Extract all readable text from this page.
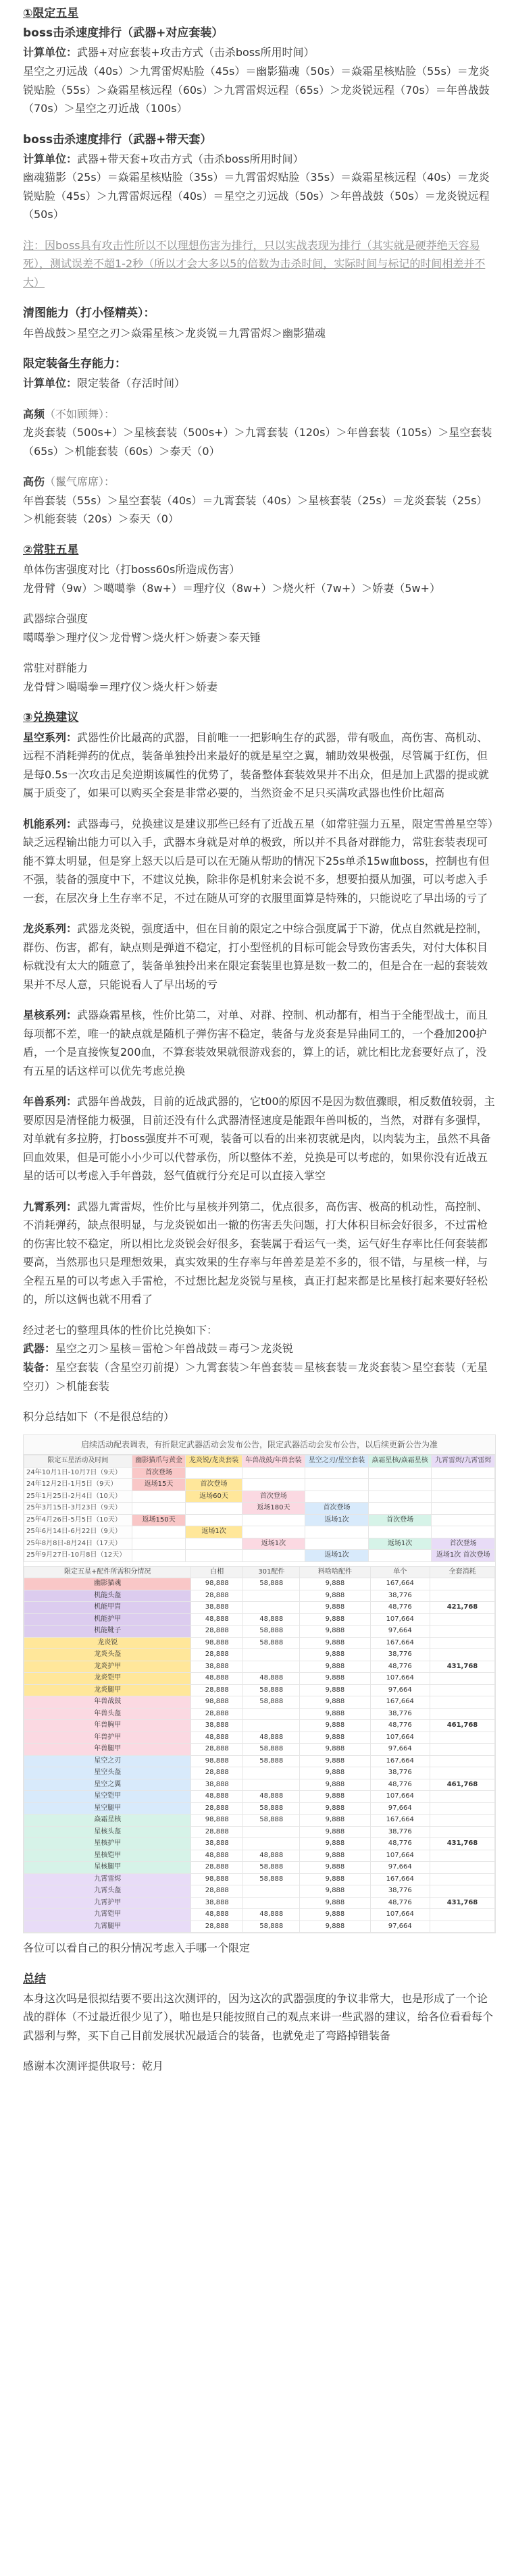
①限定五星

boss击杀速度排行（武器+对应套装）

计算单位：武器+对应套装+攻击方式（击杀boss所用时间）

星空之刃远战（40s）＞九霄雷烬贴脸（45s）＝幽影猫魂（50s）＝焱霜星核贴脸（55s）＝龙炎锐贴脸（55s）＞焱霜星核远程（60s）＞九霄雷烬远程（65s）＞龙炎锐远程（70s）＝年兽战鼓（70s）＞星空之刃近战（100s）

boss击杀速度排行（武器+带天套）

计算单位：武器+带天套+攻击方式（击杀boss所用时间）

幽魂猫影（25s）＝焱霜星核贴脸（35s）＝九霄雷烬贴脸（35s）＝焱霜星核远程（40s）＝龙炎锐贴脸（45s）＞九霄雷烬远程（40s）＝星空之刃远战（50s）＞年兽战鼓（50s）＝龙炎锐远程（50s）

注：因boss具有攻击性所以不以理想伤害为排行，只以实战表现为排行（其实就是硬莽绝天容易死），测试误差不超1-2秒（所以才会大多以5的倍数为击杀时间，实际时间与标记的时间相差并不大）

清图能力（打小怪精英）：

年兽战鼓＞星空之刃＞焱霜星核＞龙炎锐＝九霄雷烬＞幽影猫魂

限定装备生存能力：

计算单位：限定装备（存活时间）

高频（不如顾舞）：

龙炎套装（500s+）＞星核套装（500s+）＞九霄套装（120s）＞年兽套装（105s）＞星空套装（65s）＞机能套装（60s）＞泰天（0）

高伤（鬣气席席）：

年兽套装（55s）＞星空套装（40s）＝九霄套装（40s）＞星核套装（25s）＝龙炎套装（25s）＞机能套装（20s）＞泰天（0）

②常驻五星

单体伤害强度对比（打boss60s所造成伤害）

龙骨臂（9w）＞噶噶拳（8w+）＝理疗仪（8w+）＞烧火杆（7w+）＞娇妻（5w+）

武器综合强度

噶噶拳＞理疗仪＞龙骨臂＞烧火杆＞娇妻＞泰天锤

常驻对群能力

龙骨臂＞噶噶拳＝理疗仪＞烧火杆＞娇妻

③兑换建议

星空系列：武器性价比最高的武器，目前唯一一把影响生存的武器，带有吸血，高伤害、高机动、远程不消耗弹药的优点，装备单独拎出来最好的就是星空之翼，辅助效果极强，尽管属于红伤，但是每0.5s一次攻击足矣逆期该属性的优势了，装备整体套装效果并不出众，但是加上武器的提或就属于质变了，如果可以购买全套是非常必要的，当然资金不足只买满攻武器也性价比超高

机能系列：武器毒弓，兑换建议是建议那些已经有了近战五星（如常驻强力五星，限定雪兽星空等）缺乏远程输出能力可以入手，武器本身就是对单的极致，所以并不具备对群能力，常驻套装表现可能不算太明显，但是穿上怒天以后是可以在无随从帮助的情况下25s单杀15w血boss，控制也有但不强，装备的强度中下，不建议兑换，除非你是机射来会说不多，想要拍摄从加强，可以考虑入手一套，在层次身上生存率不足，不过在随从可穿的衣服里面算是特殊的，只能说吃了早出场的亏了

龙炎系列：武器龙炎锐，强度适中，但在目前的限定之中综合强度属于下游，优点自然就是控制，群伤、伤害，都有，缺点则是弹道不稳定，打小型怪机的目标可能会导致伤害丢失，对付大体积目标就没有太大的随意了，装备单独拎出来在限定套装里也算是数一数二的，但是合在一起的套装效果并不尽人意，只能说看人了早出场的亏

星核系列：武器焱霜星核，性价比第二，对单、对群、控制、机动都有，相当于全能型战士，而且每项都不差，唯一的缺点就是随机子弹伤害不稳定，装备与龙炎套是异曲同工的，一个叠加200护盾，一个是直接恢复200血，不算套装效果就很游戏套的，算上的话，就比相比龙套要好点了，没有五星的话这样可以优先考虑兑换

年兽系列：武器年兽战鼓，目前的近战武器的，它t00的原因不是因为数值骤眼，相反数值较弱，主要原因是清怪能力极强，目前还没有什么武器清怪速度是能跟年兽叫板的，当然，对群有多强悍，对单就有多拉胯，打boss强度并不可观，装备可以看的出来初衷就是肉，以肉装为主，虽然不具备回血效果，但是可能小小少可以代替承伤，所以整体不差，兑换是可以考虑的，如果你没有近战五星的话可以考虑入手年兽鼓，怒气值就行分充足可以直接入掌空

九霄系列：武器九霄雷烬，性价比与星核并列第二，优点很多，高伤害、极高的机动性，高控制、不消耗弹药，缺点很明显，与龙炎锐如出一辙的伤害丢失问题，打大体积目标会好很多，不过雷枪的伤害比较不稳定，所以相比龙炎锐会好很多，套装属于看运气一类，运气好生存率比任何套装都要高，当然那也只是理想效果，真实效果的生存率与年兽差是差不多的，很不错，与星核一样，与全程五星的可以考虑入手雷枪，不过想比起龙炎锐与星核，真正打起来都是比星核打起来要好轻松的，所以这俩也就不用看了

经过老七的整理具体的性价比兑换如下：

武器：星空之刃＞星核＝雷枪＞年兽战鼓＝毒弓＞龙炎锐

装备：星空套装（含星空刃前提）＞九霄套装＞年兽套装＝星核套装＝龙炎套装＞星空套装（无星空刃）＞机能套装

积分总结如下（不是很总结的）

启续活动配表调表，有折限定武器活动会发布公告，限定武器活动会发布公告，以后续更新公告为准
限定五星活动及时间	幽影猫爪与黄金	龙炎锐/龙炎套装	年兽战鼓/年兽套装	星空之刃/星空套装	焱霜星核/焱霜星核	九霄雷烬/九霄雷烬
24年10月1日-10月7日（9天）	首次登场					
24年12月2日-1月5日（9天）	返场15天	首次登场				
25年1月25日-2月4日（10天）		返场60天	首次登场			
25年3月15日-3月23日（9天）			返场180天	首次登场		
25年4月26日-5月5日（10天）	返场150天			返场1次	首次登场	
25年6月14日-6月22日（9天）		返场1次				
25年8月8日-8月24日（17天）			返场1次		返场1次	首次登场
25年9月27日-10月8日（12天）				返场1次		返场1次 首次登场
限定五星+配件所需积分情况	白相	301配件	料啥啥配件	单个	全套消耗
幽影猫魂	98,888	58,888	9,888	167,664	
机能头盔	28,888		9,888	38,776	
机能甲胄	38,888		9,888	48,776	421,768
机能护甲	48,888	48,888	9,888	107,664	
机能靴子	28,888	58,888	9,888	97,664	
龙炎锐	98,888	58,888	9,888	167,664	
龙炎头盔	28,888		9,888	38,776	
龙炎护甲	38,888		9,888	48,776	431,768
龙炎铠甲	48,888	48,888	9,888	107,664	
龙炎腿甲	28,888	58,888	9,888	97,664	
年兽战鼓	98,888	58,888	9,888	167,664	
年兽头盔	28,888		9,888	38,776	
年兽胸甲	38,888		9,888	48,776	461,768
年兽护甲	48,888	48,888	9,888	107,664	
年兽腿甲	28,888	58,888	9,888	97,664	
星空之刃	98,888	58,888	9,888	167,664	
星空头盔	28,888		9,888	38,776	
星空之翼	38,888		9,888	48,776	461,768
星空铠甲	48,888	48,888	9,888	107,664	
星空腿甲	28,888	58,888	9,888	97,664	
焱霜星核	98,888	58,888	9,888	167,664	
星核头盔	28,888		9,888	38,776	
星核护甲	38,888		9,888	48,776	431,768
星核铠甲	48,888	48,888	9,888	107,664	
星核腿甲	28,888	58,888	9,888	97,664	
九霄雷烬	98,888	58,888	9,888	167,664	
九霄头盔	28,888		9,888	38,776	
九霄护甲	38,888		9,888	48,776	431,768
九霄铠甲	48,888	48,888	9,888	107,664	
九霄腿甲	28,888	58,888	9,888	97,664	

各位可以看自己的积分情况考虑入手哪一个限定

总结

本身这次吗是很拟结要不要出这次测评的，因为这次的武器强度的争议非常大，也是形成了一个论战的群体（不过最近很少见了），啪也是只能按照自己的观点来讲一些武器的建议，给各位看看每个武器利与弊，买下自己目前发展状况最适合的装备，也就免走了弯路掉错装备

感谢本次测评提供取号：乾月
